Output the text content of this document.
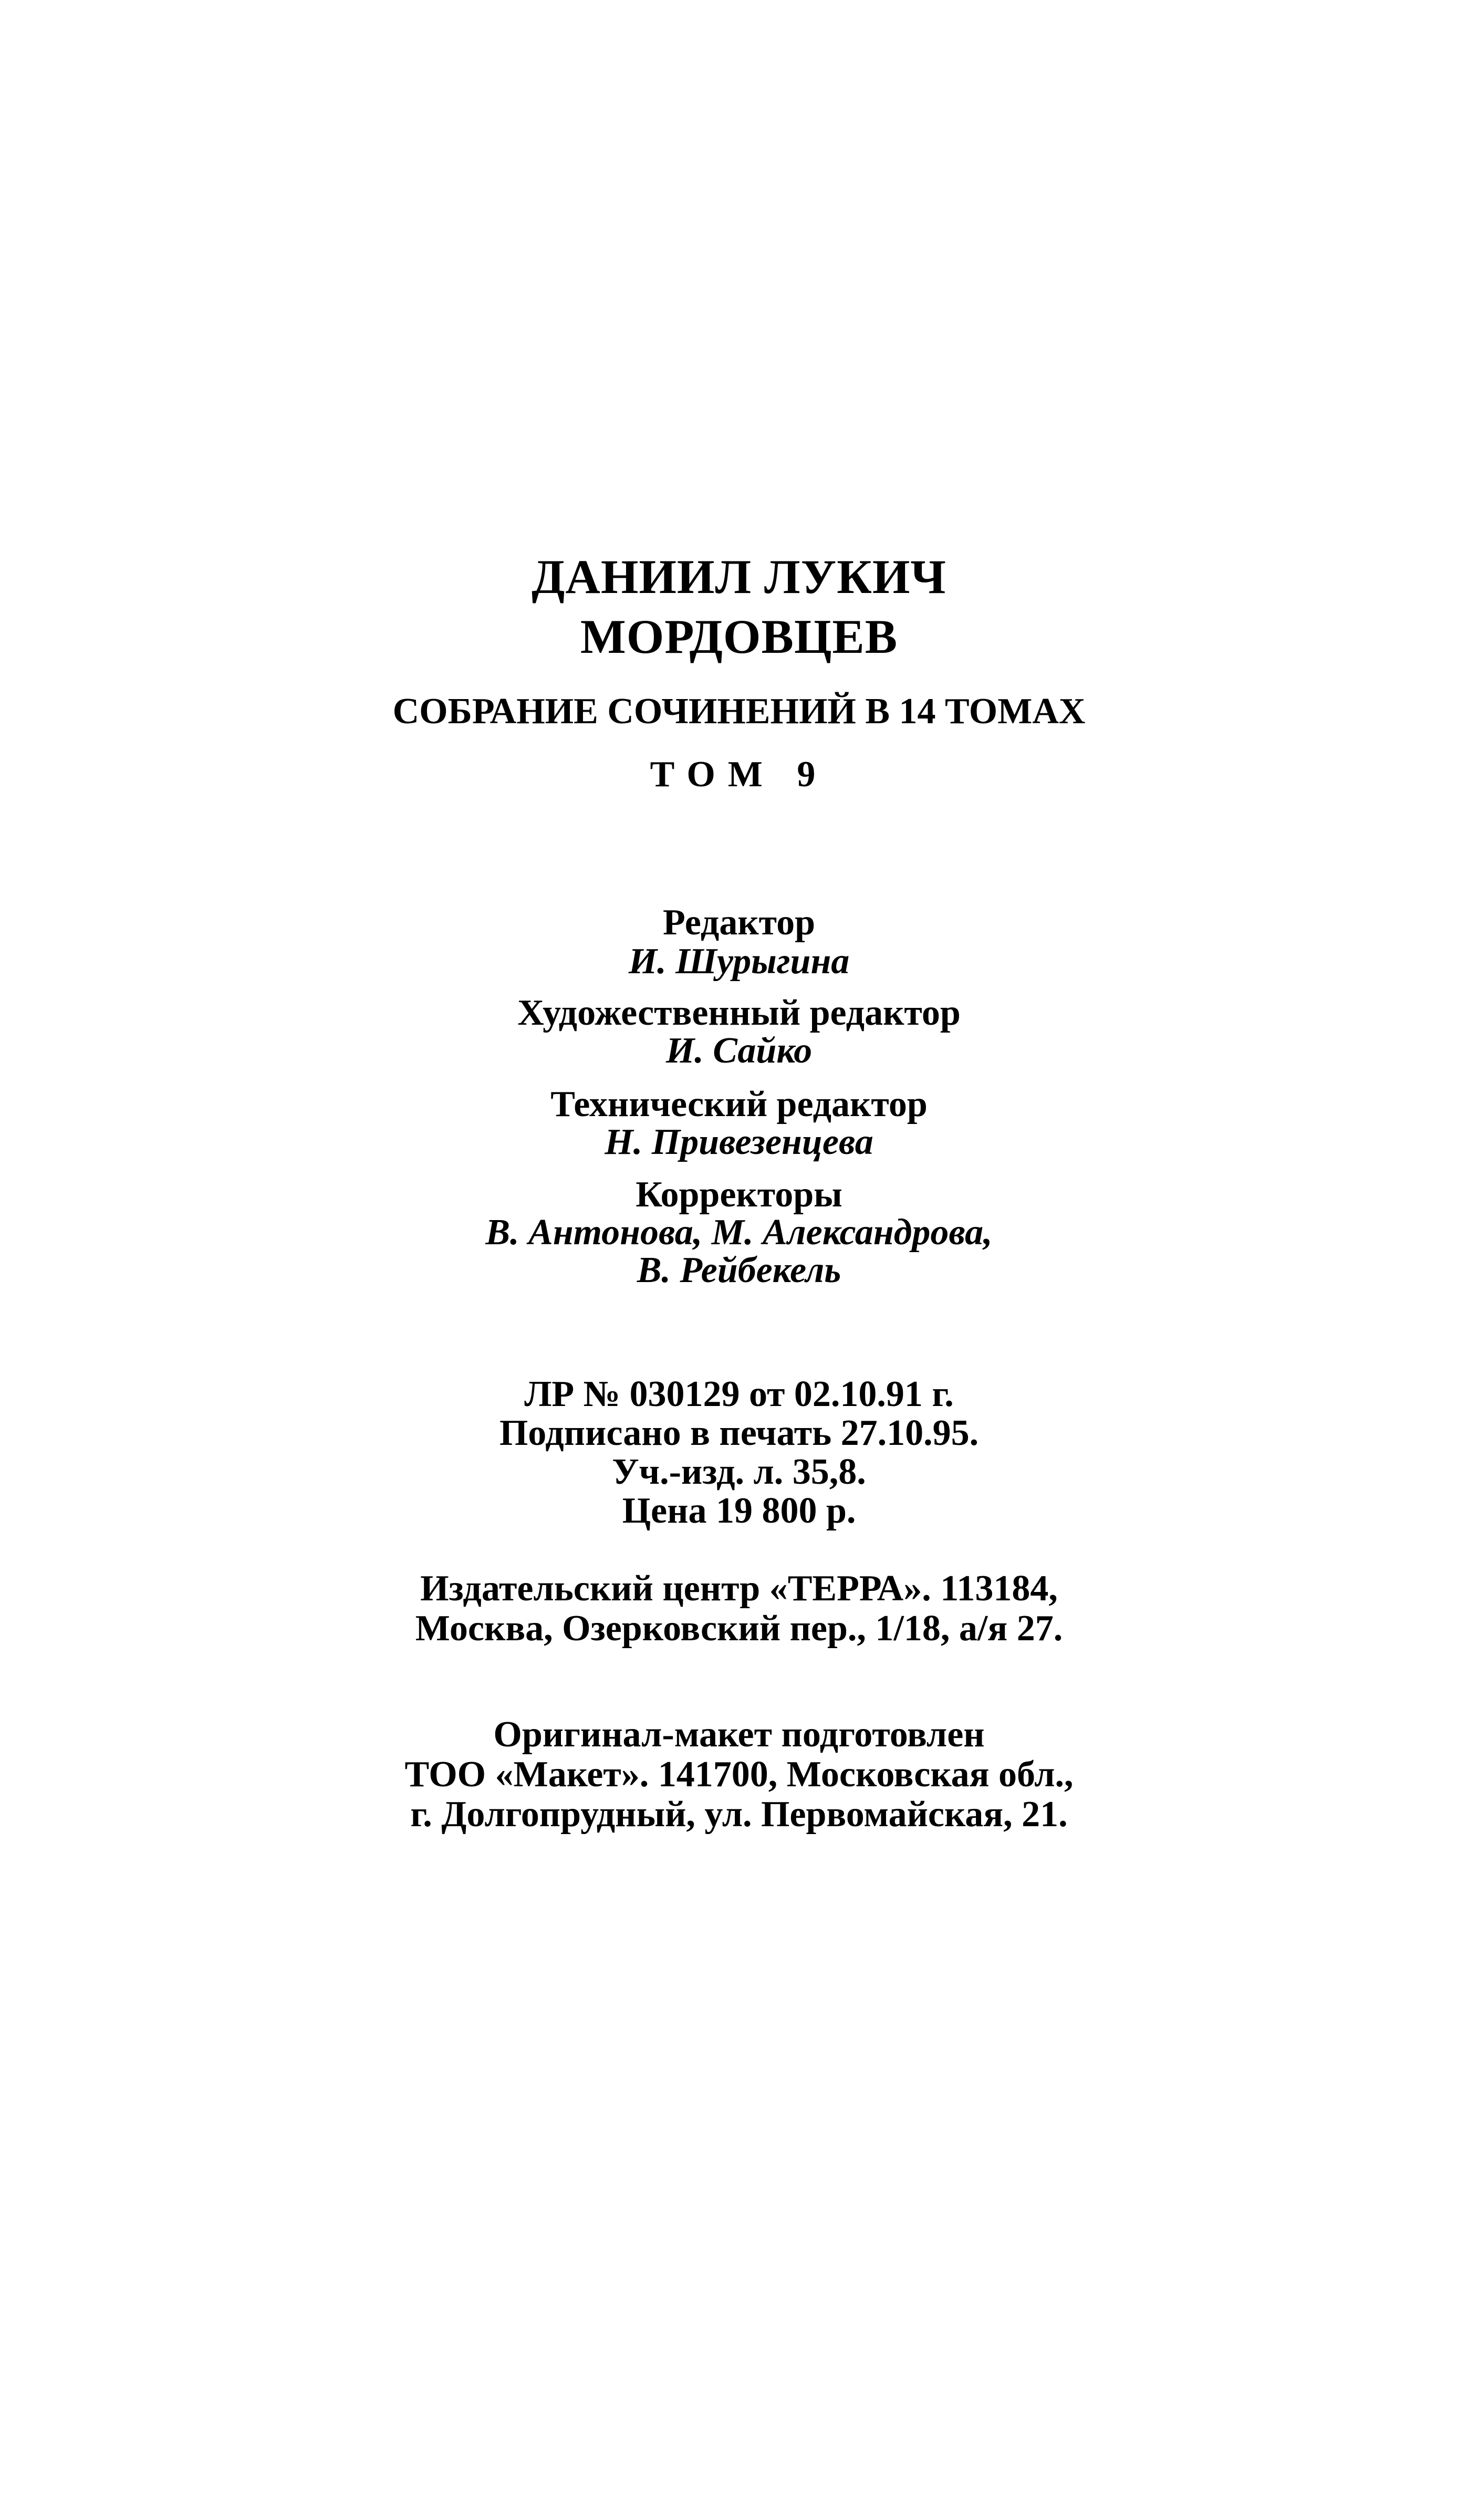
ДАНИИЛ ЛУКИЧ
МОРДОВЦЕВ
СОБРАНИЕ СОЧИНЕНИЙ В 14 ТОМАХ
ТОМ 9
Редактор
И. Шурыгина
Художественный редактор
И. Сайко
Технический редактор
Н. Привезенцева
Корректоры
В. Антонова, М. Александрова,
В. Рейбекель
ЛР № 030129 от 02.10.91 г.
Подписано в печать 27.10.95.
Уч.-изд. л. 35,8.
Цена 19 800 р.
Издательский центр «ТЕРРА». 113184,
Москва, Озерковский пер., 1/18, а/я 27.
Оригинал-макет подготовлен
ТОО «Макет». 141700, Московская обл.,
г. Долгопрудный, ул. Первомайская, 21.
